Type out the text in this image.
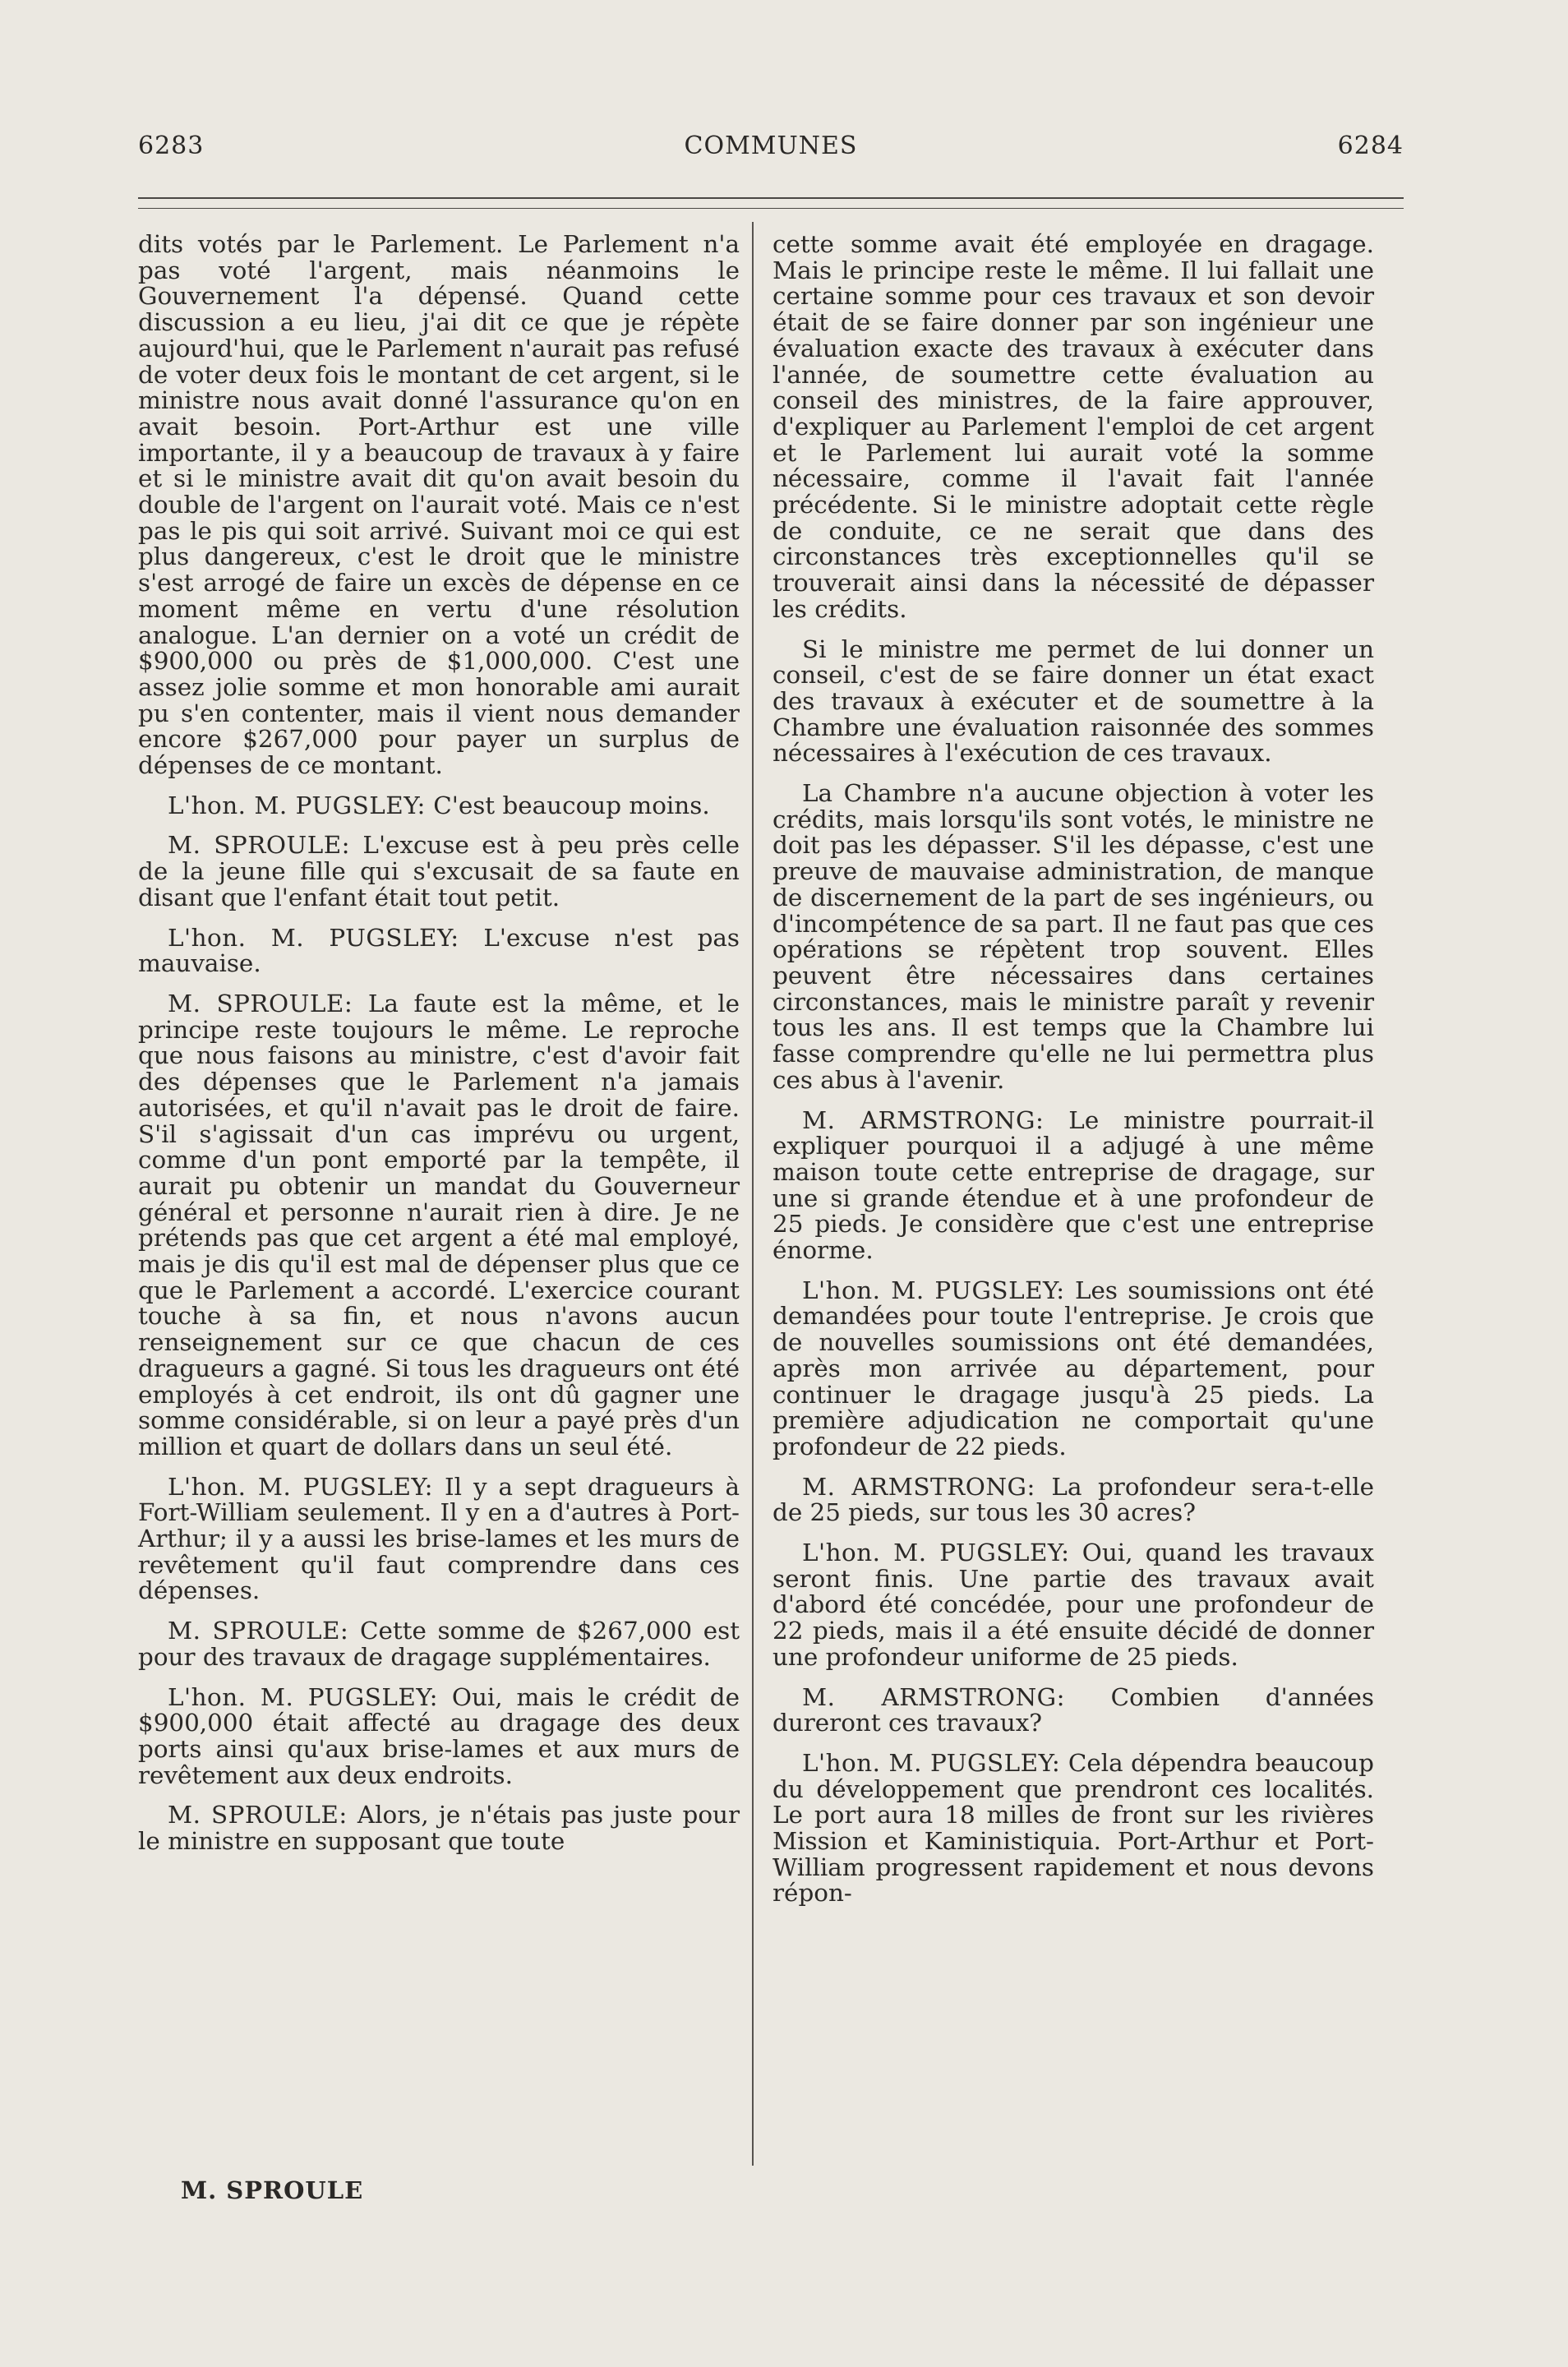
6283	COMMUNES	6284

dits votés par le Parlement. Le Parlement n'a pas voté l'argent, mais néanmoins le Gouvernement l'a dépensé. Quand cette discussion a eu lieu, j'ai dit ce que je répète aujourd'hui, que le Parlement n'aurait pas refusé de voter deux fois le montant de cet argent, si le ministre nous avait donné l'assurance qu'on en avait besoin. Port-Arthur est une ville importante, il y a beaucoup de travaux à y faire et si le ministre avait dit qu'on avait besoin du double de l'argent on l'aurait voté. Mais ce n'est pas le pis qui soit arrivé. Suivant moi ce qui est plus dangereux, c'est le droit que le ministre s'est arrogé de faire un excès de dépense en ce moment même en vertu d'une résolution analogue. L'an dernier on a voté un crédit de $900,000 ou près de $1,000,000. C'est une assez jolie somme et mon honorable ami aurait pu s'en contenter, mais il vient nous demander encore $267,000 pour payer un surplus de dépenses de ce montant.

L'hon. M. PUGSLEY: C'est beaucoup moins.

M. SPROULE: L'excuse est à peu près celle de la jeune fille qui s'excusait de sa faute en disant que l'enfant était tout petit.

L'hon. M. PUGSLEY: L'excuse n'est pas mauvaise.

M. SPROULE: La faute est la même, et le principe reste toujours le même. Le reproche que nous faisons au ministre, c'est d'avoir fait des dépenses que le Parlement n'a jamais autorisées, et qu'il n'avait pas le droit de faire. S'il s'agissait d'un cas imprévu ou urgent, comme d'un pont emporté par la tempête, il aurait pu obtenir un mandat du Gouverneur général et personne n'aurait rien à dire. Je ne prétends pas que cet argent a été mal employé, mais je dis qu'il est mal de dépenser plus que ce que le Parlement a accordé. L'exercice courant touche à sa fin, et nous n'avons aucun renseignement sur ce que chacun de ces dragueurs a gagné. Si tous les dragueurs ont été employés à cet endroit, ils ont dû gagner une somme considérable, si on leur a payé près d'un million et quart de dollars dans un seul été.

L'hon. M. PUGSLEY: Il y a sept dragueurs à Fort-William seulement. Il y en a d'autres à Port-Arthur; il y a aussi les brise-lames et les murs de revêtement qu'il faut comprendre dans ces dépenses.

M. SPROULE: Cette somme de $267,000 est pour des travaux de dragage supplémentaires.

L'hon. M. PUGSLEY: Oui, mais le crédit de $900,000 était affecté au dragage des deux ports ainsi qu'aux brise-lames et aux murs de revêtement aux deux endroits.

M. SPROULE: Alors, je n'étais pas juste pour le ministre en supposant que toute

cette somme avait été employée en dragage. Mais le principe reste le même. Il lui fallait une certaine somme pour ces travaux et son devoir était de se faire donner par son ingénieur une évaluation exacte des travaux à exécuter dans l'année, de soumettre cette évaluation au conseil des ministres, de la faire approuver, d'expliquer au Parlement l'emploi de cet argent et le Parlement lui aurait voté la somme nécessaire, comme il l'avait fait l'année précédente. Si le ministre adoptait cette règle de conduite, ce ne serait que dans des circonstances très exceptionnelles qu'il se trouverait ainsi dans la nécessité de dépasser les crédits.

Si le ministre me permet de lui donner un conseil, c'est de se faire donner un état exact des travaux à exécuter et de soumettre à la Chambre une évaluation raisonnée des sommes nécessaires à l'exécution de ces travaux.

La Chambre n'a aucune objection à voter les crédits, mais lorsqu'ils sont votés, le ministre ne doit pas les dépasser. S'il les dépasse, c'est une preuve de mauvaise administration, de manque de discernement de la part de ses ingénieurs, ou d'incompétence de sa part. Il ne faut pas que ces opérations se répètent trop souvent. Elles peuvent être nécessaires dans certaines circonstances, mais le ministre paraît y revenir tous les ans. Il est temps que la Chambre lui fasse comprendre qu'elle ne lui permettra plus ces abus à l'avenir.

M. ARMSTRONG: Le ministre pourrait-il expliquer pourquoi il a adjugé à une même maison toute cette entreprise de dragage, sur une si grande étendue et à une profondeur de 25 pieds. Je considère que c'est une entreprise énorme.

L'hon. M. PUGSLEY: Les soumissions ont été demandées pour toute l'entreprise. Je crois que de nouvelles soumissions ont été demandées, après mon arrivée au département, pour continuer le dragage jusqu'à 25 pieds. La première adjudication ne comportait qu'une profondeur de 22 pieds.

M. ARMSTRONG: La profondeur sera-t-elle de 25 pieds, sur tous les 30 acres?

L'hon. M. PUGSLEY: Oui, quand les travaux seront finis. Une partie des travaux avait d'abord été concédée, pour une profondeur de 22 pieds, mais il a été ensuite décidé de donner une profondeur uniforme de 25 pieds.

M. ARMSTRONG: Combien d'années dureront ces travaux?

L'hon. M. PUGSLEY: Cela dépendra beaucoup du développement que prendront ces localités. Le port aura 18 milles de front sur les rivières Mission et Kaministiquia. Port-Arthur et Port-William progressent rapidement et nous devons répon-

M. SPROULE
